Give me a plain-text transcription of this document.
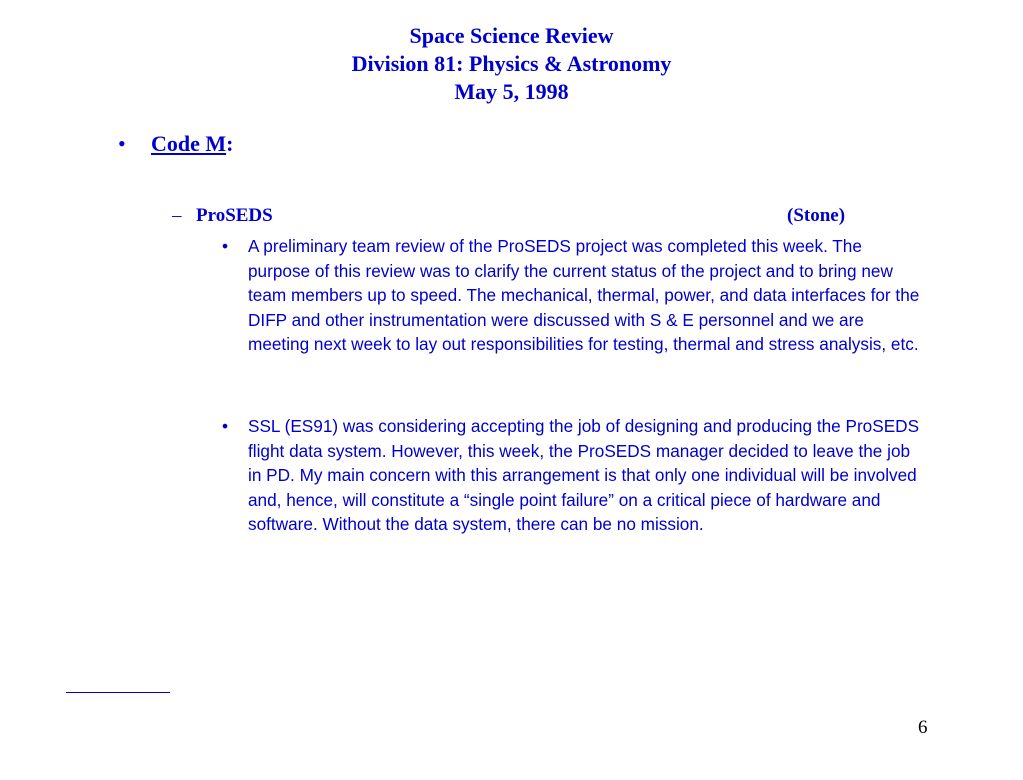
Space Science Review
Division 81: Physics & Astronomy
May 5, 1998
• Code M:
– ProSEDS	(Stone)
• A preliminary team review of the ProSEDS project was completed this week. The purpose of this review was to clarify the current status of the project and to bring new team members up to speed. The mechanical, thermal, power, and data interfaces for the DIFP and other instrumentation were discussed with S & E personnel and we are meeting next week to lay out responsibilities for testing, thermal and stress analysis, etc.
• SSL (ES91) was considering accepting the job of designing and producing the ProSEDS flight data system. However, this week, the ProSEDS manager decided to leave the job in PD. My main concern with this arrangement is that only one individual will be involved and, hence, will constitute a “single point failure” on a critical piece of hardware and software. Without the data system, there can be no mission.
6
